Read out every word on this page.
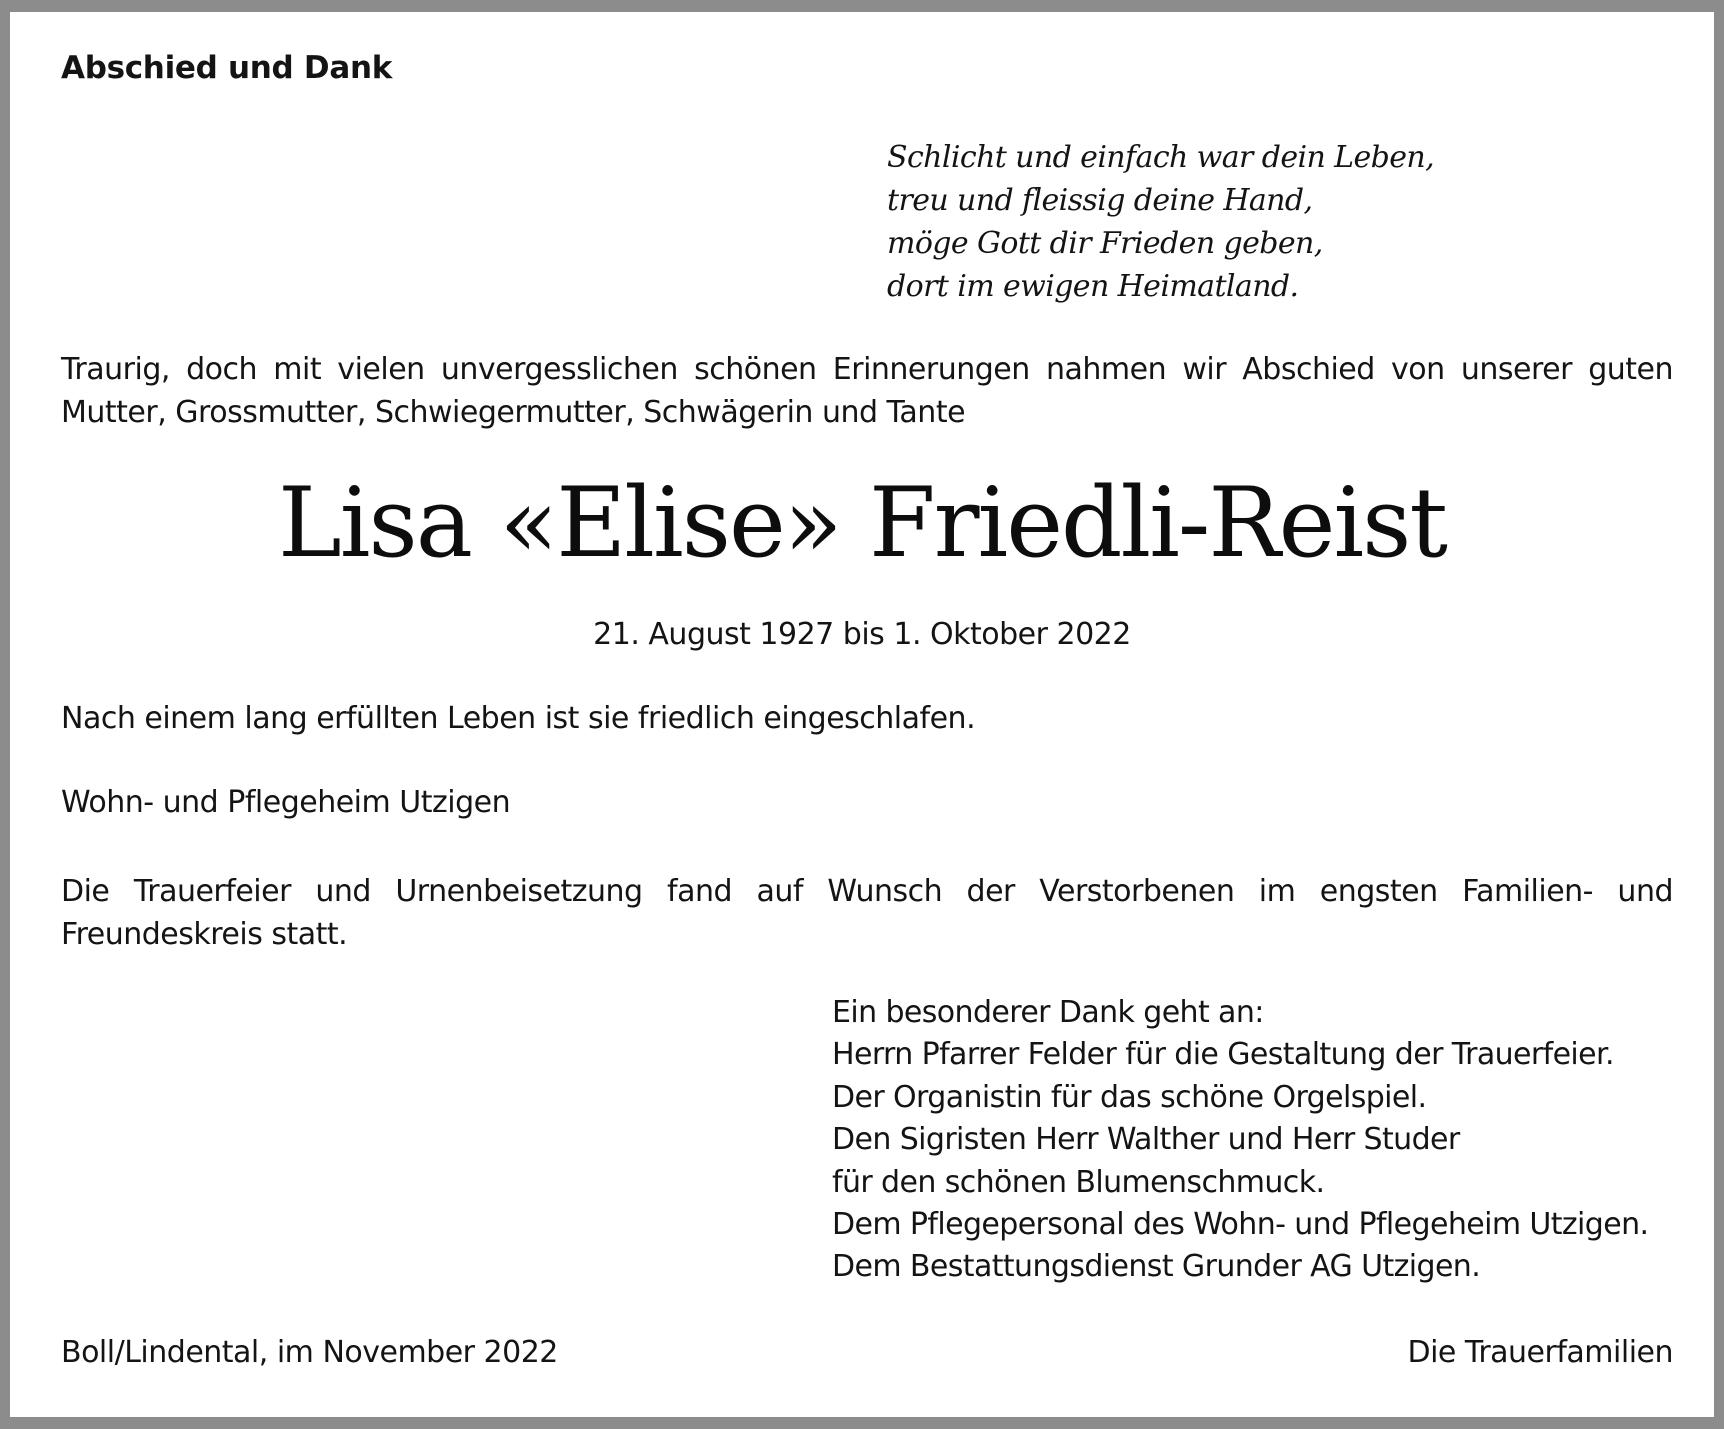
Abschied und Dank
Schlicht und einfach war dein Leben,
treu und fleissig deine Hand,
möge Gott dir Frieden geben,
dort im ewigen Heimatland.

Traurig, doch mit vielen unvergesslichen schönen Erinnerungen nahmen wir Abschied von unserer guten Mutter, Grossmutter, Schwiegermutter, Schwägerin und Tante

Lisa «Elise» Friedli-Reist
21. August 1927 bis 1. Oktober 2022
Nach einem lang erfüllten Leben ist sie friedlich eingeschlafen.
Wohn- und Pflegeheim Utzigen

Die Trauerfeier und Urnenbeisetzung fand auf Wunsch der Verstorbenen im engsten Familien- und Freundeskreis statt.

Ein besonderer Dank geht an:
Herrn Pfarrer Felder für die Gestaltung der Trauerfeier.
Der Organistin für das schöne Orgelspiel.
Den Sigristen Herr Walther und Herr Studer
für den schönen Blumenschmuck.
Dem Pflegepersonal des Wohn- und Pflegeheim Utzigen.
Dem Bestattungsdienst Grunder AG Utzigen.
Boll/Lindental, im November 2022	Die Trauerfamilien
